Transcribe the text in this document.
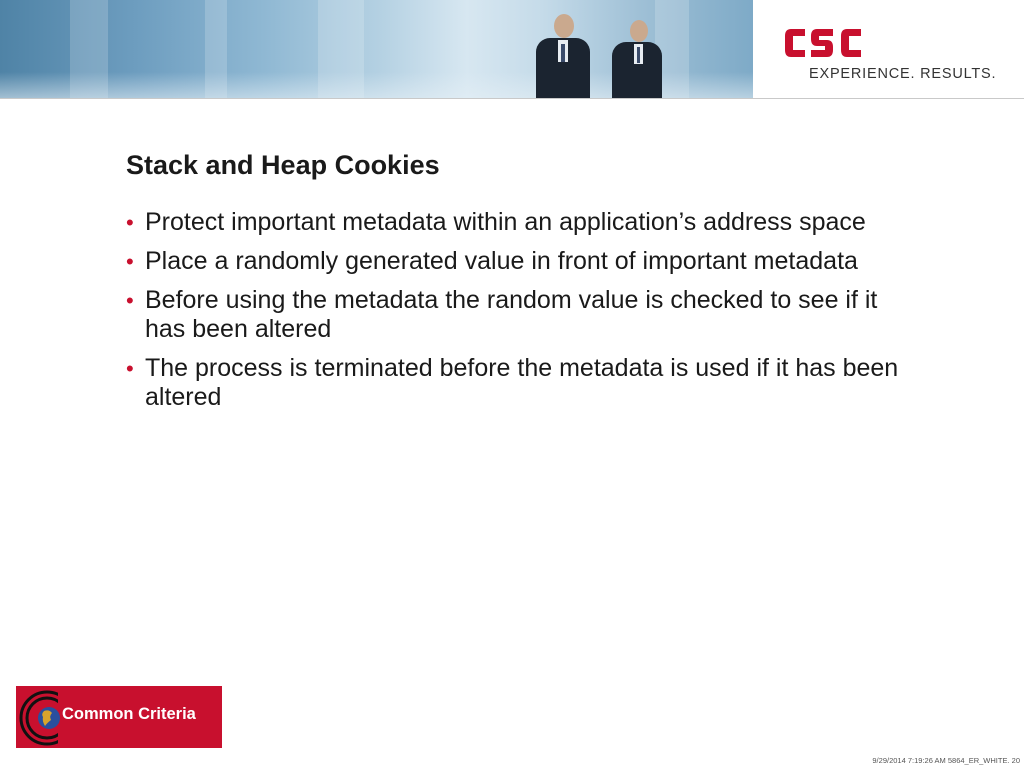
EXPERIENCE. RESULTS.
Stack and Heap Cookies
• Protect important metadata within an application’s address space
• Place a randomly generated value in front of important metadata
• Before using the metadata the random value is checked to see if it has been altered
• The process is terminated before the metadata is used if it has been altered
Common Criteria
9/29/2014 7:19:26 AM 5864_ER_WHITE. 20
